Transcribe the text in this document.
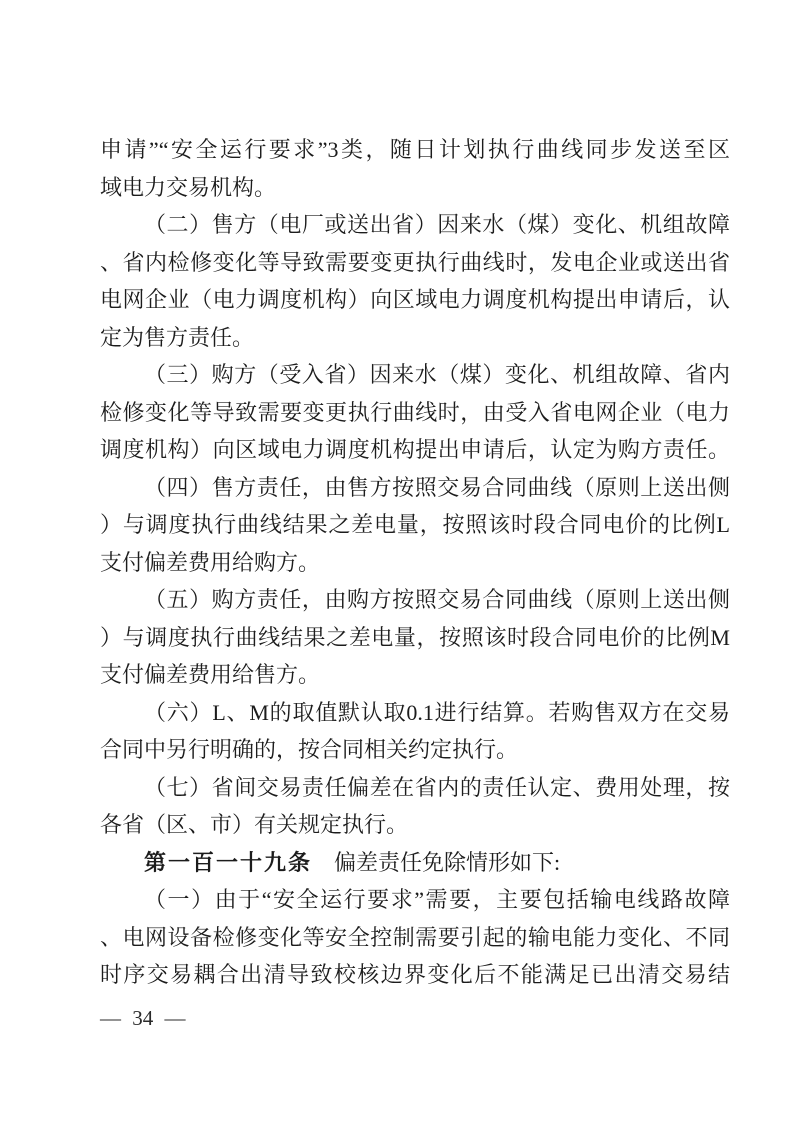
申请”“安全运行要求”3类，随日计划执行曲线同步发送至区
域电力交易机构。
（二）售方（电厂或送出省）因来水（煤）变化、机组故障
、省内检修变化等导致需要变更执行曲线时，发电企业或送出省
电网企业（电力调度机构）向区域电力调度机构提出申请后，认
定为售方责任。
（三）购方（受入省）因来水（煤）变化、机组故障、省内
检修变化等导致需要变更执行曲线时，由受入省电网企业（电力
调度机构）向区域电力调度机构提出申请后，认定为购方责任。
（四）售方责任，由售方按照交易合同曲线（原则上送出侧
）与调度执行曲线结果之差电量，按照该时段合同电价的比例L
支付偏差费用给购方。
（五）购方责任，由购方按照交易合同曲线（原则上送出侧
）与调度执行曲线结果之差电量，按照该时段合同电价的比例M
支付偏差费用给售方。
（六）L、M的取值默认取0.1进行结算。若购售双方在交易
合同中另行明确的，按合同相关约定执行。
（七）省间交易责任偏差在省内的责任认定、费用处理，按
各省（区、市）有关规定执行。
第一百一十九条 偏差责任免除情形如下:
（一）由于“安全运行要求”需要，主要包括输电线路故障
、电网设备检修变化等安全控制需要引起的输电能力变化、不同
时序交易耦合出清导致校核边界变化后不能满足已出清交易结
— 34 —
